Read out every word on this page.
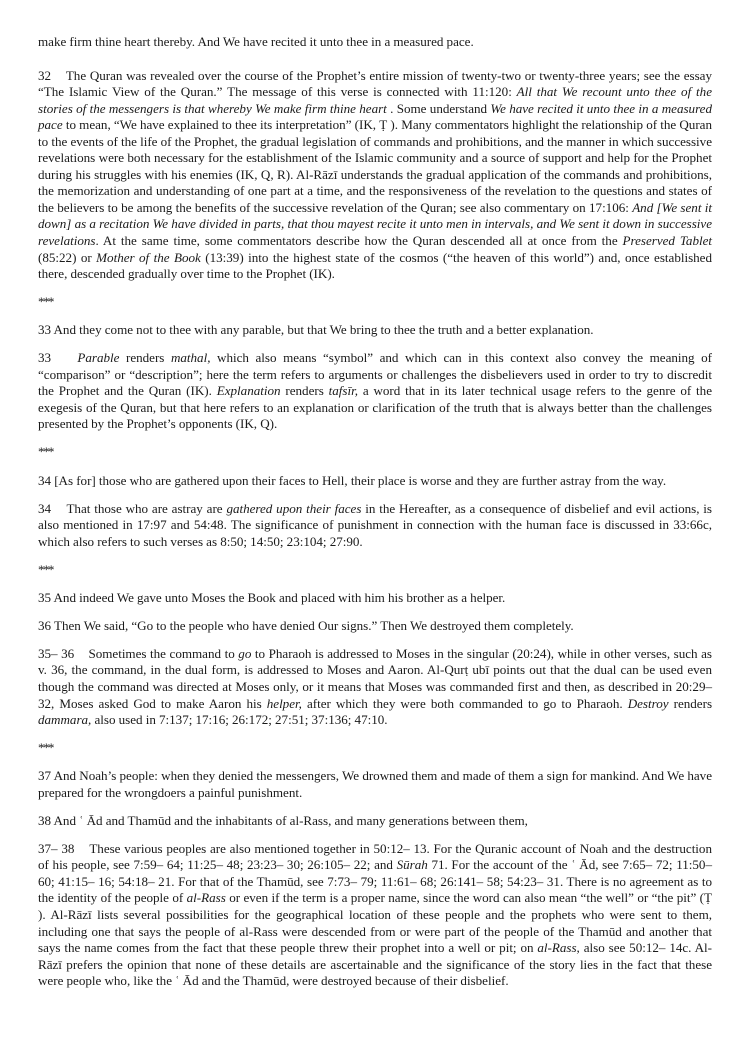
make firm thine heart thereby. And We have recited it unto thee in a measured pace.

32 The Quran was revealed over the course of the Prophet’s entire mission of twenty-two or twenty-three years; see the essay “The Islamic View of the Quran.” The message of this verse is connected with 11:120: All that We recount unto thee of the stories of the messengers is that whereby We make firm thine heart . Some understand We have recited it unto thee in a measured pace to mean, “We have explained to thee its interpretation” (IK, Ṭ ). Many commentators highlight the relationship of the Quran to the events of the life of the Prophet, the gradual legislation of commands and prohibitions, and the manner in which successive revelations were both necessary for the establishment of the Islamic community and a source of support and help for the Prophet during his struggles with his enemies (IK, Q, R). Al-Rāzī understands the gradual application of the commands and prohibitions, the memorization and understanding of one part at a time, and the responsiveness of the revelation to the questions and states of the believers to be among the benefits of the successive revelation of the Quran; see also commentary on 17:106: And [We sent it down] as a recitation We have divided in parts, that thou mayest recite it unto men in intervals, and We sent it down in successive revelations. At the same time, some commentators describe how the Quran descended all at once from the Preserved Tablet (85:22) or Mother of the Book (13:39) into the highest state of the cosmos (“the heaven of this world”) and, once established there, descended gradually over time to the Prophet (IK).

***

33 And they come not to thee with any parable, but that We bring to thee the truth and a better explanation.

33 Parable renders mathal, which also means “symbol” and which can in this context also convey the meaning of “comparison” or “description”; here the term refers to arguments or challenges the disbelievers used in order to try to discredit the Prophet and the Quran (IK). Explanation renders tafsīr, a word that in its later technical usage refers to the genre of the exegesis of the Quran, but that here refers to an explanation or clarification of the truth that is always better than the challenges presented by the Prophet’s opponents (IK, Q).

***

34 [As for] those who are gathered upon their faces to Hell, their place is worse and they are further astray from the way.

34 That those who are astray are gathered upon their faces in the Hereafter, as a consequence of disbelief and evil actions, is also mentioned in 17:97 and 54:48. The significance of punishment in connection with the human face is discussed in 33:66c, which also refers to such verses as 8:50; 14:50; 23:104; 27:90.

***

35 And indeed We gave unto Moses the Book and placed with him his brother as a helper.

36 Then We said, “Go to the people who have denied Our signs.” Then We destroyed them completely.

35– 36 Sometimes the command to go to Pharaoh is addressed to Moses in the singular (20:24), while in other verses, such as v. 36, the command, in the dual form, is addressed to Moses and Aaron. Al-Qurṭ ubī points out that the dual can be used even though the command was directed at Moses only, or it means that Moses was commanded first and then, as described in 20:29– 32, Moses asked God to make Aaron his helper, after which they were both commanded to go to Pharaoh. Destroy renders dammara, also used in 7:137; 17:16; 26:172; 27:51; 37:136; 47:10.

***

37 And Noah’s people: when they denied the messengers, We drowned them and made of them a sign for mankind. And We have prepared for the wrongdoers a painful punishment.

38 And ʿ Ād and Thamūd and the inhabitants of al-Rass, and many generations between them,

37– 38 These various peoples are also mentioned together in 50:12– 13. For the Quranic account of Noah and the destruction of his people, see 7:59– 64; 11:25– 48; 23:23– 30; 26:105– 22; and Sūrah 71. For the account of the ʿ Ād, see 7:65– 72; 11:50– 60; 41:15– 16; 54:18– 21. For that of the Thamūd, see 7:73– 79; 11:61– 68; 26:141– 58; 54:23– 31. There is no agreement as to the identity of the people of al-Rass or even if the term is a proper name, since the word can also mean “the well” or “the pit” (Ṭ ). Al-Rāzī lists several possibilities for the geographical location of these people and the prophets who were sent to them, including one that says the people of al-Rass were descended from or were part of the people of the Thamūd and another that says the name comes from the fact that these people threw their prophet into a well or pit; on al-Rass, also see 50:12– 14c. Al-Rāzī prefers the opinion that none of these details are ascertainable and the significance of the story lies in the fact that these were people who, like the ʿ Ād and the Thamūd, were destroyed because of their disbelief.
